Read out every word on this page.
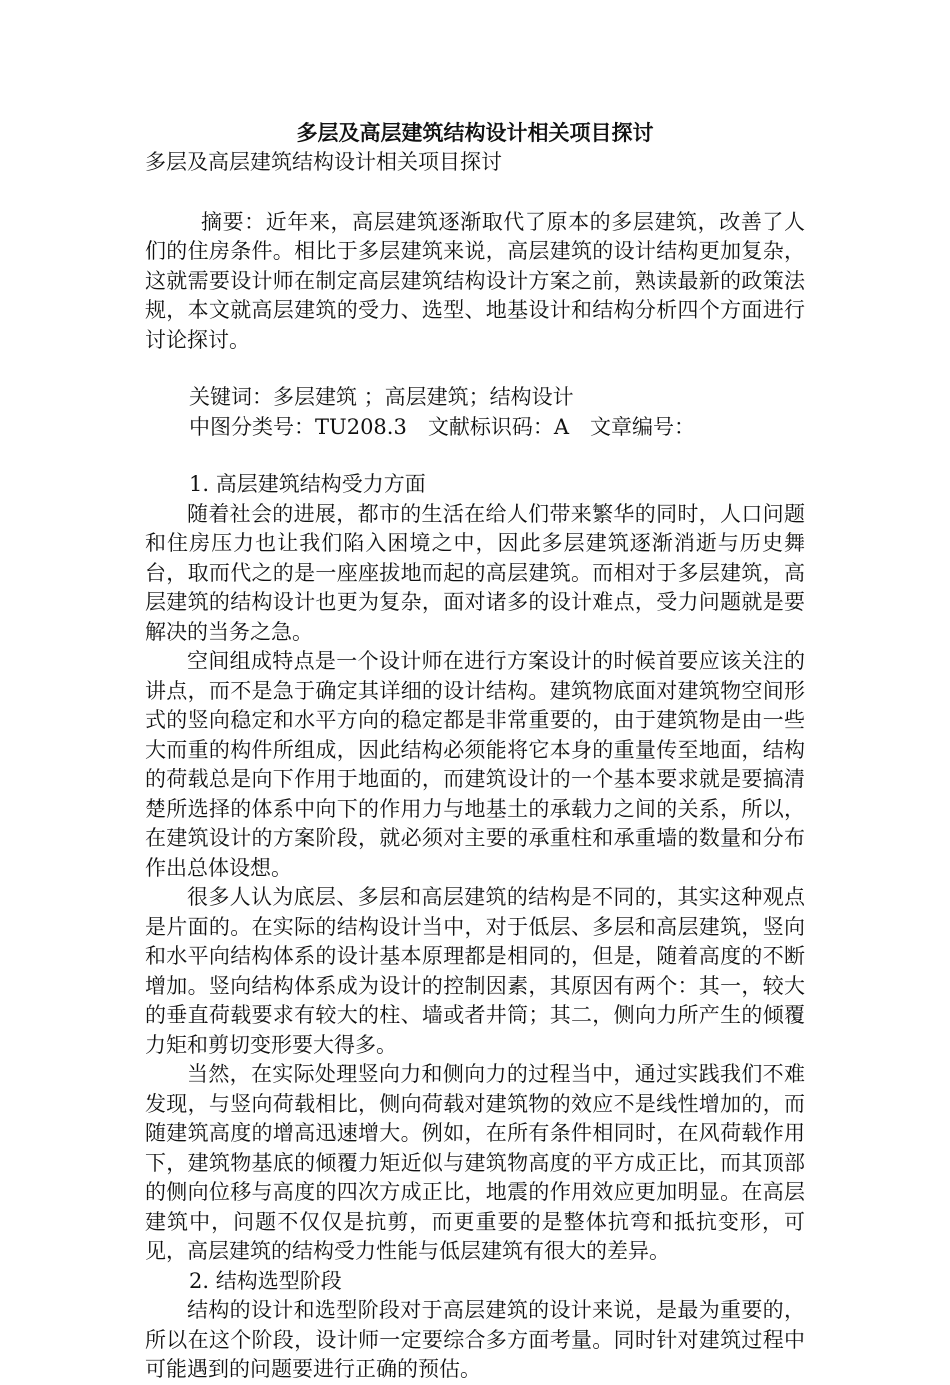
多层及高层建筑结构设计相关项目探讨

多层及高层建筑结构设计相关项目探讨

摘要：近年来，高层建筑逐渐取代了原本的多层建筑，改善了人们的住房条件。相比于多层建筑来说，高层建筑的设计结构更加复杂，这就需要设计师在制定高层建筑结构设计方案之前，熟读最新的政策法规，本文就高层建筑的受力、选型、地基设计和结构分析四个方面进行讨论探讨。

关键词：多层建筑 ；高层建筑；结构设计

中图分类号：TU208.3　文献标识码：A　文章编号：

1. 高层建筑结构受力方面

随着社会的进展，都市的生活在给人们带来繁华的同时，人口问题和住房压力也让我们陷入困境之中，因此多层建筑逐渐消逝与历史舞台，取而代之的是一座座拔地而起的高层建筑。而相对于多层建筑，高层建筑的结构设计也更为复杂，面对诸多的设计难点，受力问题就是要解决的当务之急。

空间组成特点是一个设计师在进行方案设计的时候首要应该关注的讲点，而不是急于确定其详细的设计结构。建筑物底面对建筑物空间形式的竖向稳定和水平方向的稳定都是非常重要的，由于建筑物是由一些大而重的构件所组成，因此结构必须能将它本身的重量传至地面，结构的荷载总是向下作用于地面的，而建筑设计的一个基本要求就是要搞清楚所选择的体系中向下的作用力与地基土的承载力之间的关系，所以，在建筑设计的方案阶段，就必须对主要的承重柱和承重墙的数量和分布作出总体设想。

很多人认为底层、多层和高层建筑的结构是不同的，其实这种观点是片面的。在实际的结构设计当中，对于低层、多层和高层建筑，竖向和水平向结构体系的设计基本原理都是相同的，但是，随着高度的不断增加。竖向结构体系成为设计的控制因素，其原因有两个：其一，较大的垂直荷载要求有较大的柱、墙或者井筒；其二，侧向力所产生的倾覆力矩和剪切变形要大得多。

当然，在实际处理竖向力和侧向力的过程当中，通过实践我们不难发现，与竖向荷载相比，侧向荷载对建筑物的效应不是线性增加的，而随建筑高度的增高迅速增大。例如，在所有条件相同时，在风荷载作用下，建筑物基底的倾覆力矩近似与建筑物高度的平方成正比，而其顶部的侧向位移与高度的四次方成正比，地震的作用效应更加明显。在高层建筑中，问题不仅仅是抗剪，而更重要的是整体抗弯和抵抗变形，可见，高层建筑的结构受力性能与低层建筑有很大的差异。

2. 结构选型阶段

结构的设计和选型阶段对于高层建筑的设计来说，是最为重要的，所以在这个阶段，设计师一定要综合多方面考量。同时针对建筑过程中可能遇到的问题要进行正确的预估。
